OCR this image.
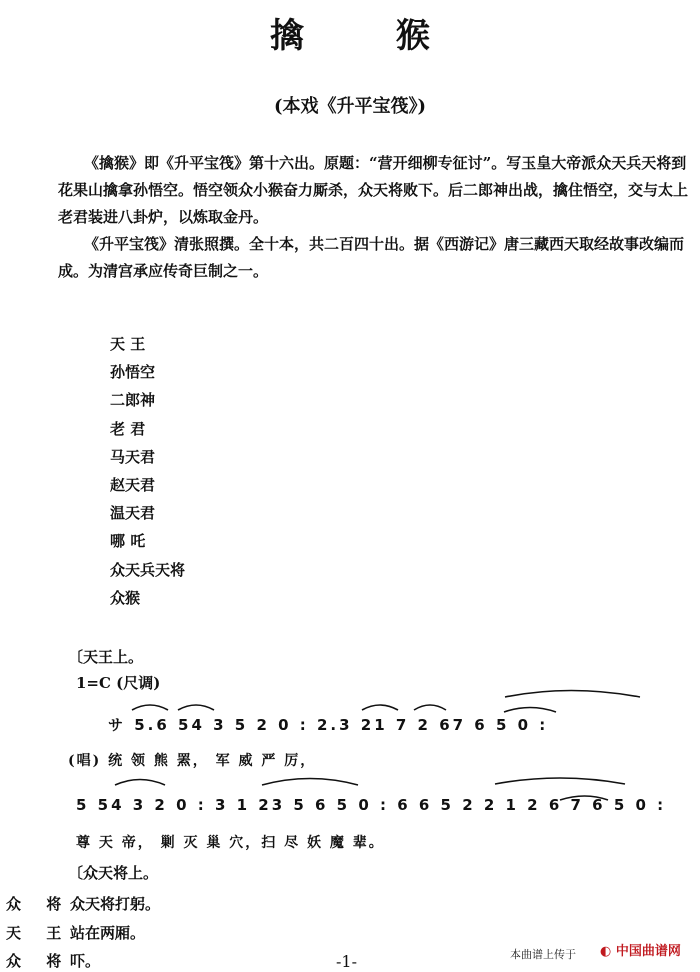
擒 猴
(本戏《升平宝筏》)

《擒猴》即《升平宝筏》第十六出。原题：“营开细柳专征讨”。写玉皇大帝派众天兵天将到花果山擒拿孙悟空。悟空领众小猴奋力厮杀，众天将败下。后二郎神出战，擒住悟空，交与太上老君装进八卦炉，以炼取金丹。

《升平宝筏》清张照撰。全十本，共二百四十出。据《西游记》唐三藏西天取经故事改编而成。为清宫承应传奇巨制之一。

天 王
孙悟空
二郎神
老 君
马天君
赵天君
温天君
哪 吒
众天兵天将
众猴
〔天王上。
1=C (尺调)
サ 5.6 54 3 5 2 0 : 2.3 21 7 2 67 6 5 0 :
(唱) 统 领 熊 罴， 军 威 严 厉，
5 54 3 2 0 : 3 1 23 5 6 5 0 : 6 6 5 2 2 1 2 6 7 6 5 0 :
尊 天 帝， 剿 灭 巢 穴，扫 尽 妖 魔 辈。
〔众天将上。
众 将众天将打躬。
天 王站在两厢。
众 将吓。	-1-	本曲谱上传于 ◐ 中国曲谱网
